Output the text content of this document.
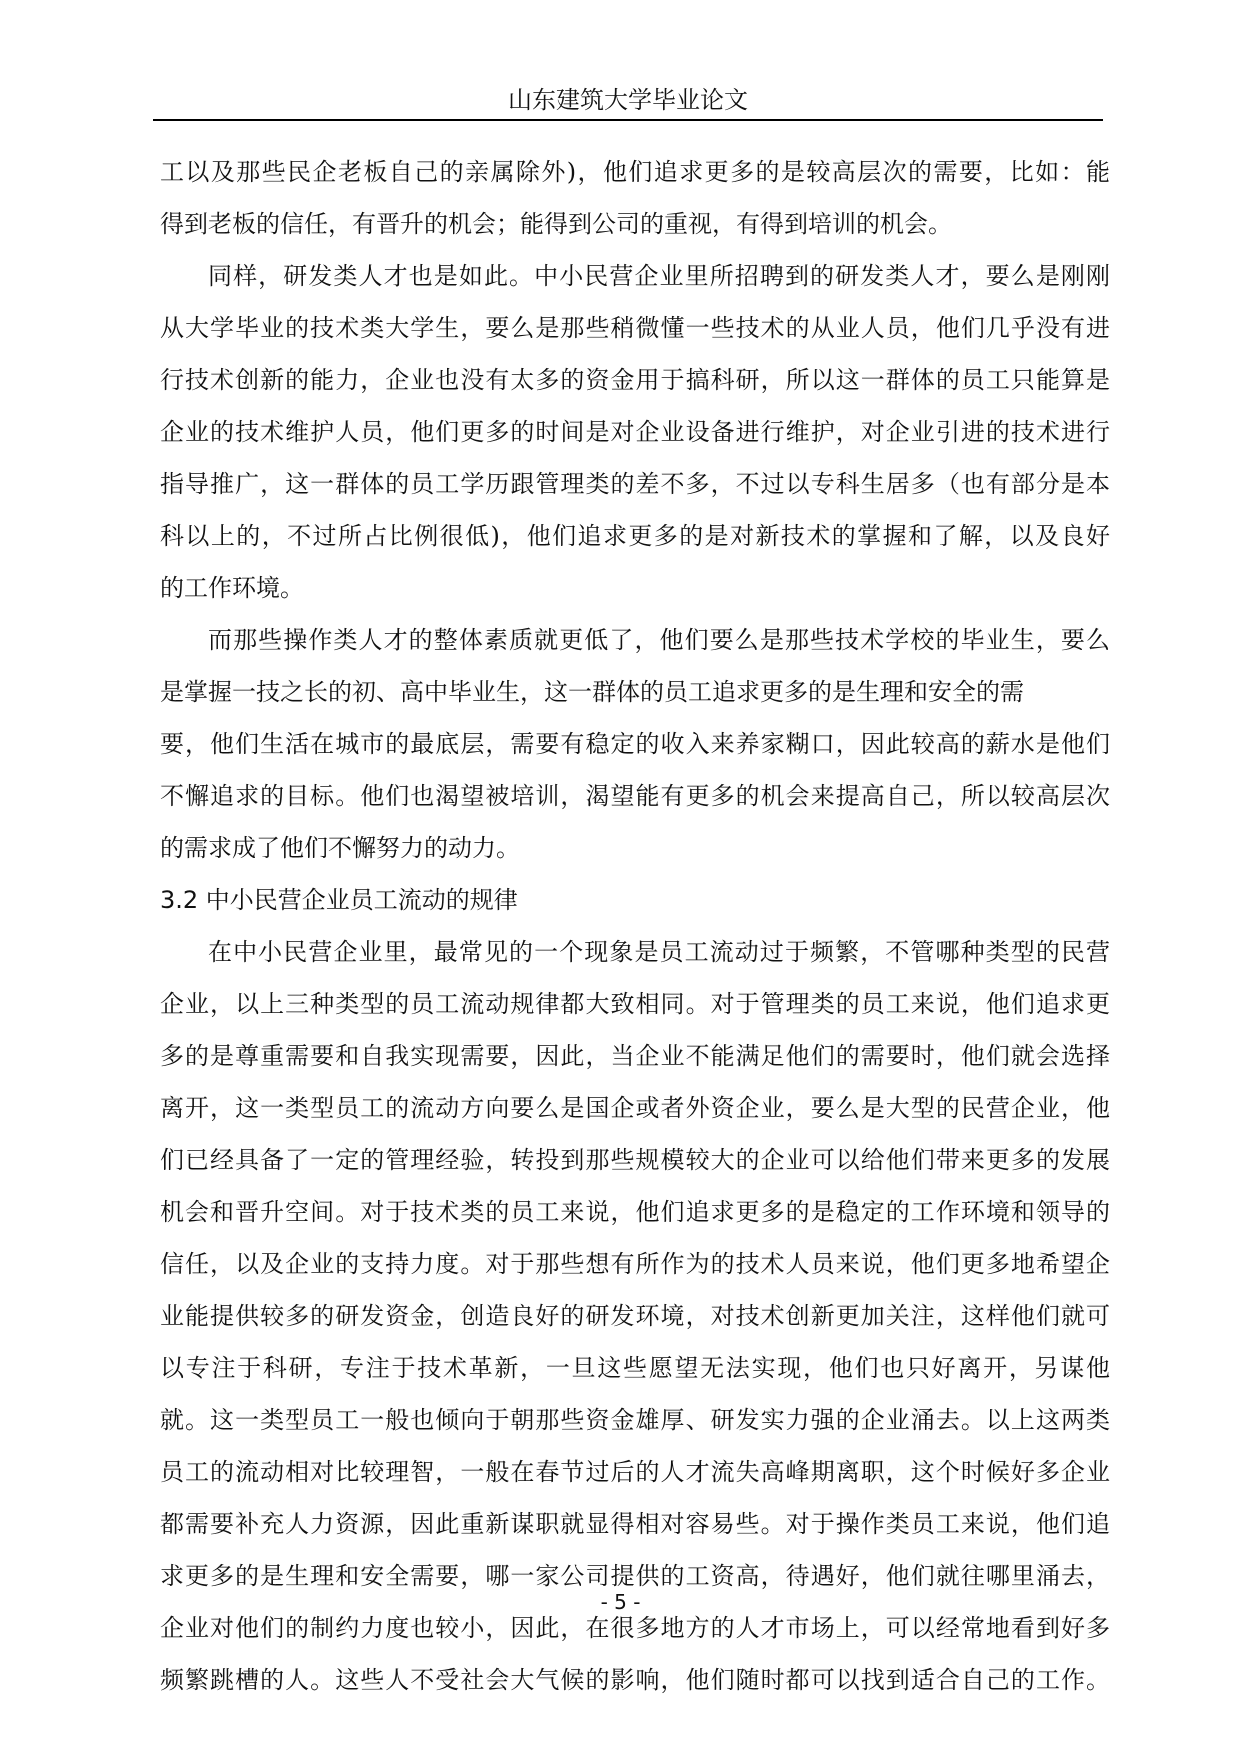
山东建筑大学毕业论文
工以及那些民企老板自己的亲属除外)，他们追求更多的是较高层次的需要，比如：能
得到老板的信任，有晋升的机会；能得到公司的重视，有得到培训的机会。
同样，研发类人才也是如此。中小民营企业里所招聘到的研发类人才，要么是刚刚
从大学毕业的技术类大学生，要么是那些稍微懂一些技术的从业人员，他们几乎没有进
行技术创新的能力，企业也没有太多的资金用于搞科研，所以这一群体的员工只能算是
企业的技术维护人员，他们更多的时间是对企业设备进行维护，对企业引进的技术进行
指导推广，这一群体的员工学历跟管理类的差不多，不过以专科生居多（也有部分是本
科以上的，不过所占比例很低)，他们追求更多的是对新技术的掌握和了解，以及良好
的工作环境。
而那些操作类人才的整体素质就更低了，他们要么是那些技术学校的毕业生，要么
是掌握一技之长的初、高中毕业生，这一群体的员工追求更多的是生理和安全的需
要，他们生活在城市的最底层，需要有稳定的收入来养家糊口，因此较高的薪水是他们
不懈追求的目标。他们也渴望被培训，渴望能有更多的机会来提高自己，所以较高层次
的需求成了他们不懈努力的动力。
3.2 中小民营企业员工流动的规律
在中小民营企业里，最常见的一个现象是员工流动过于频繁，不管哪种类型的民营
企业，以上三种类型的员工流动规律都大致相同。对于管理类的员工来说，他们追求更
多的是尊重需要和自我实现需要，因此，当企业不能满足他们的需要时，他们就会选择
离开，这一类型员工的流动方向要么是国企或者外资企业，要么是大型的民营企业，他
们已经具备了一定的管理经验，转投到那些规模较大的企业可以给他们带来更多的发展
机会和晋升空间。对于技术类的员工来说，他们追求更多的是稳定的工作环境和领导的
信任，以及企业的支持力度。对于那些想有所作为的技术人员来说，他们更多地希望企
业能提供较多的研发资金，创造良好的研发环境，对技术创新更加关注，这样他们就可
以专注于科研，专注于技术革新，一旦这些愿望无法实现，他们也只好离开，另谋他
就。这一类型员工一般也倾向于朝那些资金雄厚、研发实力强的企业涌去。以上这两类
员工的流动相对比较理智，一般在春节过后的人才流失高峰期离职，这个时候好多企业
都需要补充人力资源，因此重新谋职就显得相对容易些。对于操作类员工来说，他们追
求更多的是生理和安全需要，哪一家公司提供的工资高，待遇好，他们就往哪里涌去，
企业对他们的制约力度也较小，因此，在很多地方的人才市场上，可以经常地看到好多
频繁跳槽的人。这些人不受社会大气候的影响，他们随时都可以找到适合自己的工作。
- 5 -
